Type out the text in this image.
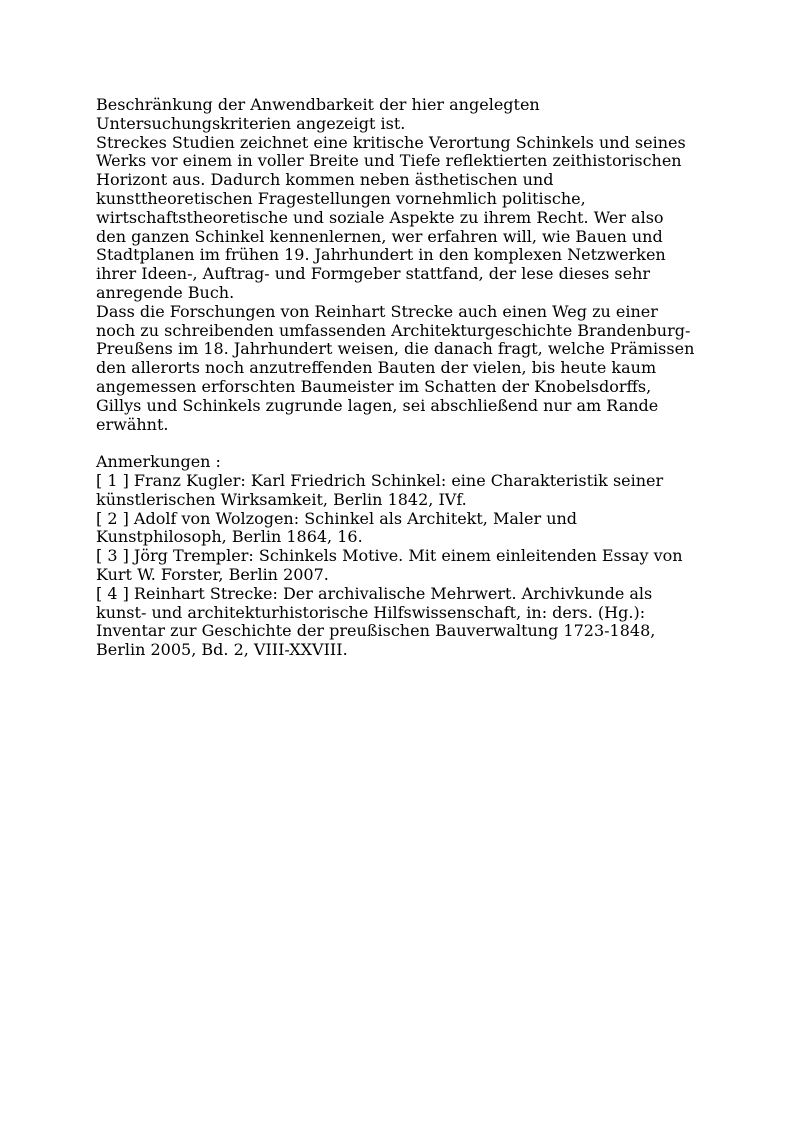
Beschränkung der Anwendbarkeit der hier angelegten
Untersuchungskriterien angezeigt ist.
Streckes Studien zeichnet eine kritische Verortung Schinkels und seines
Werks vor einem in voller Breite und Tiefe reflektierten zeithistorischen
Horizont aus. Dadurch kommen neben ästhetischen und
kunsttheoretischen Fragestellungen vornehmlich politische,
wirtschaftstheoretische und soziale Aspekte zu ihrem Recht. Wer also
den ganzen Schinkel kennenlernen, wer erfahren will, wie Bauen und
Stadtplanen im frühen 19. Jahrhundert in den komplexen Netzwerken
ihrer Ideen-, Auftrag- und Formgeber stattfand, der lese dieses sehr
anregende Buch.
Dass die Forschungen von Reinhart Strecke auch einen Weg zu einer
noch zu schreibenden umfassenden Architekturgeschichte Brandenburg-
Preußens im 18. Jahrhundert weisen, die danach fragt, welche Prämissen
den allerorts noch anzutreffenden Bauten der vielen, bis heute kaum
angemessen erforschten Baumeister im Schatten der Knobelsdorffs,
Gillys und Schinkels zugrunde lagen, sei abschließend nur am Rande
erwähnt.
Anmerkungen :
[ 1 ] Franz Kugler: Karl Friedrich Schinkel: eine Charakteristik seiner
künstlerischen Wirksamkeit, Berlin 1842, IVf.
[ 2 ] Adolf von Wolzogen: Schinkel als Architekt, Maler und
Kunstphilosoph, Berlin 1864, 16.
[ 3 ] Jörg Trempler: Schinkels Motive. Mit einem einleitenden Essay von
Kurt W. Forster, Berlin 2007.
[ 4 ] Reinhart Strecke: Der archivalische Mehrwert. Archivkunde als
kunst- und architekturhistorische Hilfswissenschaft, in: ders. (Hg.):
Inventar zur Geschichte der preußischen Bauverwaltung 1723-1848,
Berlin 2005, Bd. 2, VIII-XXVIII.
